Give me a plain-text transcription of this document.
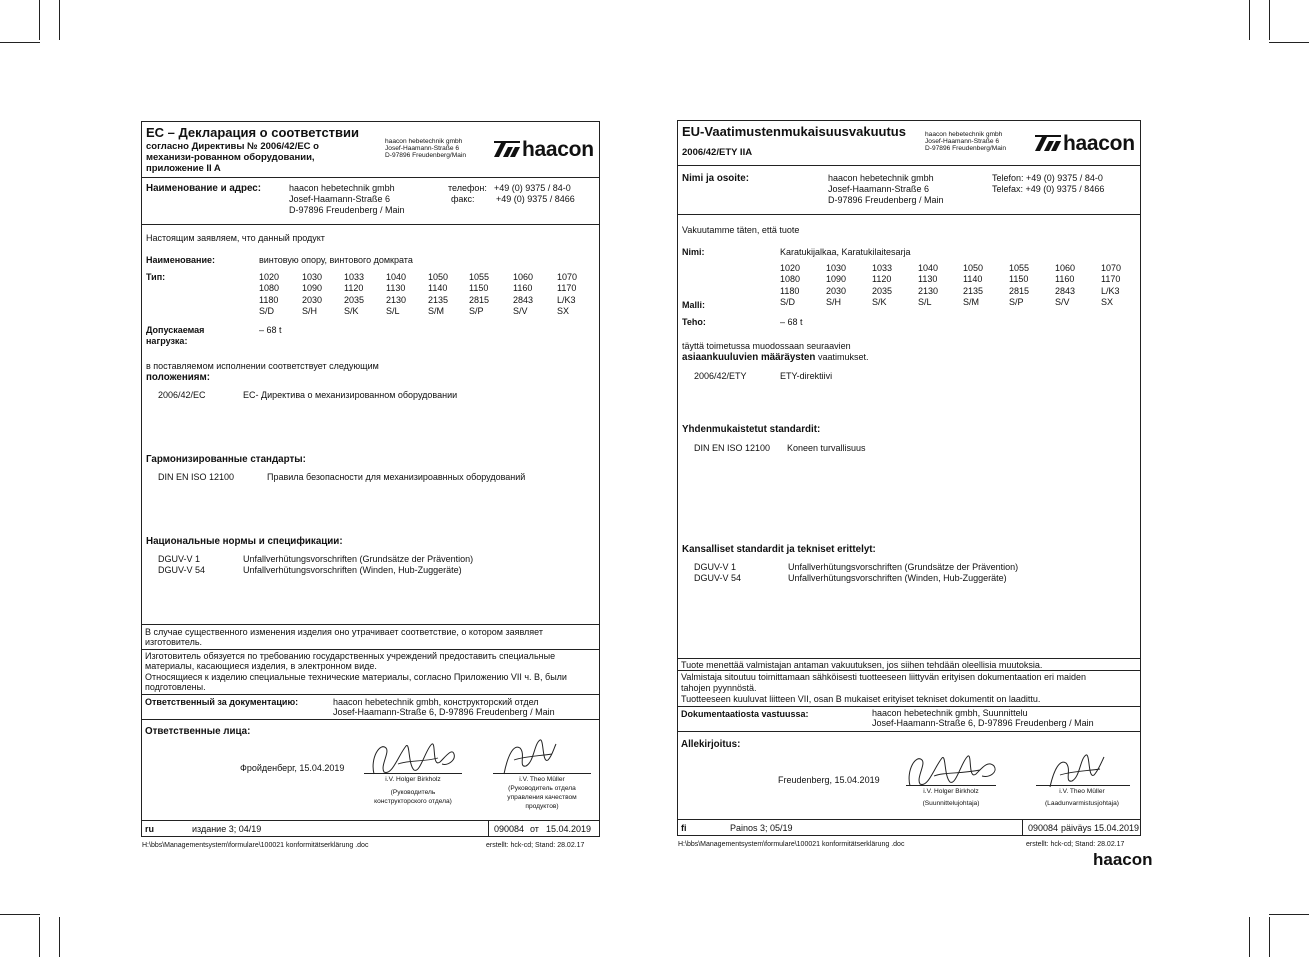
EC – Декларация о соответствии
согласно Директивы № 2006/42/EC о
механизи-рованном оборудовании,
приложение II A
haacon hebetechnik gmbh
Josef-Haamann-Straße 6
D-97896 Freudenberg/Main	haacon
Наименование и адрес:	haacon hebetechnik gmbh
Josef-Haamann-Straße 6
D-97896 Freudenberg / Main
телефон: +49 (0) 9375 / 84-0
факс: +49 (0) 9375 / 8466
Настоящим заявляем, что данный продукт
Наименование:	винтовую опору, винтового домкрата
Тип:	1020	1030	1033	1040	1050	1055	1060	1070
1080	1090	1120	1130	1140	1150	1160	1170
1180	2030	2035	2130	2135	2815	2843	L/K3
S/D	S/H	S/K	S/L	S/M	S/P	S/V	SX
Допускаемая
нагрузка:
– 68 t
в поставляемом исполнении соответствует следующим
положениям:
2006/42/EC	EC- Директива о механизированном оборудовании
Гармонизированные стандарты:
DIN EN ISO 12100	Правила безопасности для механизироавнных оборудований
Национальные нормы и спецификации:
DGUV-V 1	Unfallverhütungsvorschriften (Grundsätze der Prävention)
DGUV-V 54	Unfallverhütungsvorschriften (Winden, Hub-Zuggeräte)
В случае существенного изменения изделия оно утрачивает соответствие, о котором заявляет
изготовитель.
Изготовитель обязуется по требованию государственных учреждений предоставить специальные
материалы, касающиеся изделия, в электронном виде.
Относящиеся к изделию специальные технические материалы, согласно Приложению VII ч. B, были
подготовлены.
Ответственный за документацию:	haacon hebetechnik gmbh, конструкторский отдел
Josef-Haamann-Straße 6, D-97896 Freudenberg / Main
Ответственные лица:
Фройденберг, 15.04.2019
i.V. Holger Birkholz
(Руководитель
конструкторского отдела)
i.V. Theo Müller
(Руководитель отдела
управления качеством
продуктов)
ru	издание 3; 04/19	090084 от 15.04.2019
H:\bbs\Managementsystem\formulare\100021 konformitätserklärung .doc	erstellt: hck-cd; Stand: 28.02.17
EU-Vaatimustenmukaisuusvakuutus
2006/42/ETY IIA
haacon hebetechnik gmbh
Josef-Haamann-Straße 6
D-97896 Freudenberg/Main	haacon
Nimi ja osoite:	haacon hebetechnik gmbh
Josef-Haamann-Straße 6
D-97896 Freudenberg / Main
Telefon: +49 (0) 9375 / 84-0
Telefax: +49 (0) 9375 / 8466
Vakuutamme täten, että tuote
Nimi:	Karatukijalkaa, Karatukilaitesarja
1020	1030	1033	1040	1050	1055	1060	1070
1080	1090	1120	1130	1140	1150	1160	1170
1180	2030	2035	2130	2135	2815	2843	L/K3
S/D	S/H	S/K	S/L	S/M	S/P	S/V	SX
Malli:
Teho:	– 68 t
täyttä toimetussa muodossaan seuraavien
asiaankuuluvien määräysten vaatimukset.
2006/42/ETY	ETY-direktiivi
Yhdenmukaistetut standardit:
DIN EN ISO 12100 Koneen turvallisuus
Kansalliset standardit ja tekniset erittelyt:
DGUV-V 1	Unfallverhütungsvorschriften (Grundsätze der Prävention)
DGUV-V 54	Unfallverhütungsvorschriften (Winden, Hub-Zuggeräte)
Tuote menettää valmistajan antaman vakuutuksen, jos siihen tehdään oleellisia muutoksia.
Valmistaja sitoutuu toimittamaan sähköisesti tuotteeseen liittyvän erityisen dokumentaation eri maiden
tahojen pyynnöstä.
Tuotteeseen kuuluvat liitteen VII, osan B mukaiset erityiset tekniset dokumentit on laadittu.
Dokumentaatiosta vastuussa:	haacon hebetechnik gmbh, Suunnittelu
Josef-Haamann-Straße 6, D-97896 Freudenberg / Main
Allekirjoitus:
Freudenberg, 15.04.2019
i.V. Holger Birkholz
(Suunnittelujohtaja)
i.V. Theo Müller
(Laadunvarmistusjohtaja)
fi	Painos 3; 05/19	090084 päiväys 15.04.2019
H:\bbs\Managementsystem\formulare\100021 konformitätserklärung .doc	erstellt: hck-cd; Stand: 28.02.17
haacon
